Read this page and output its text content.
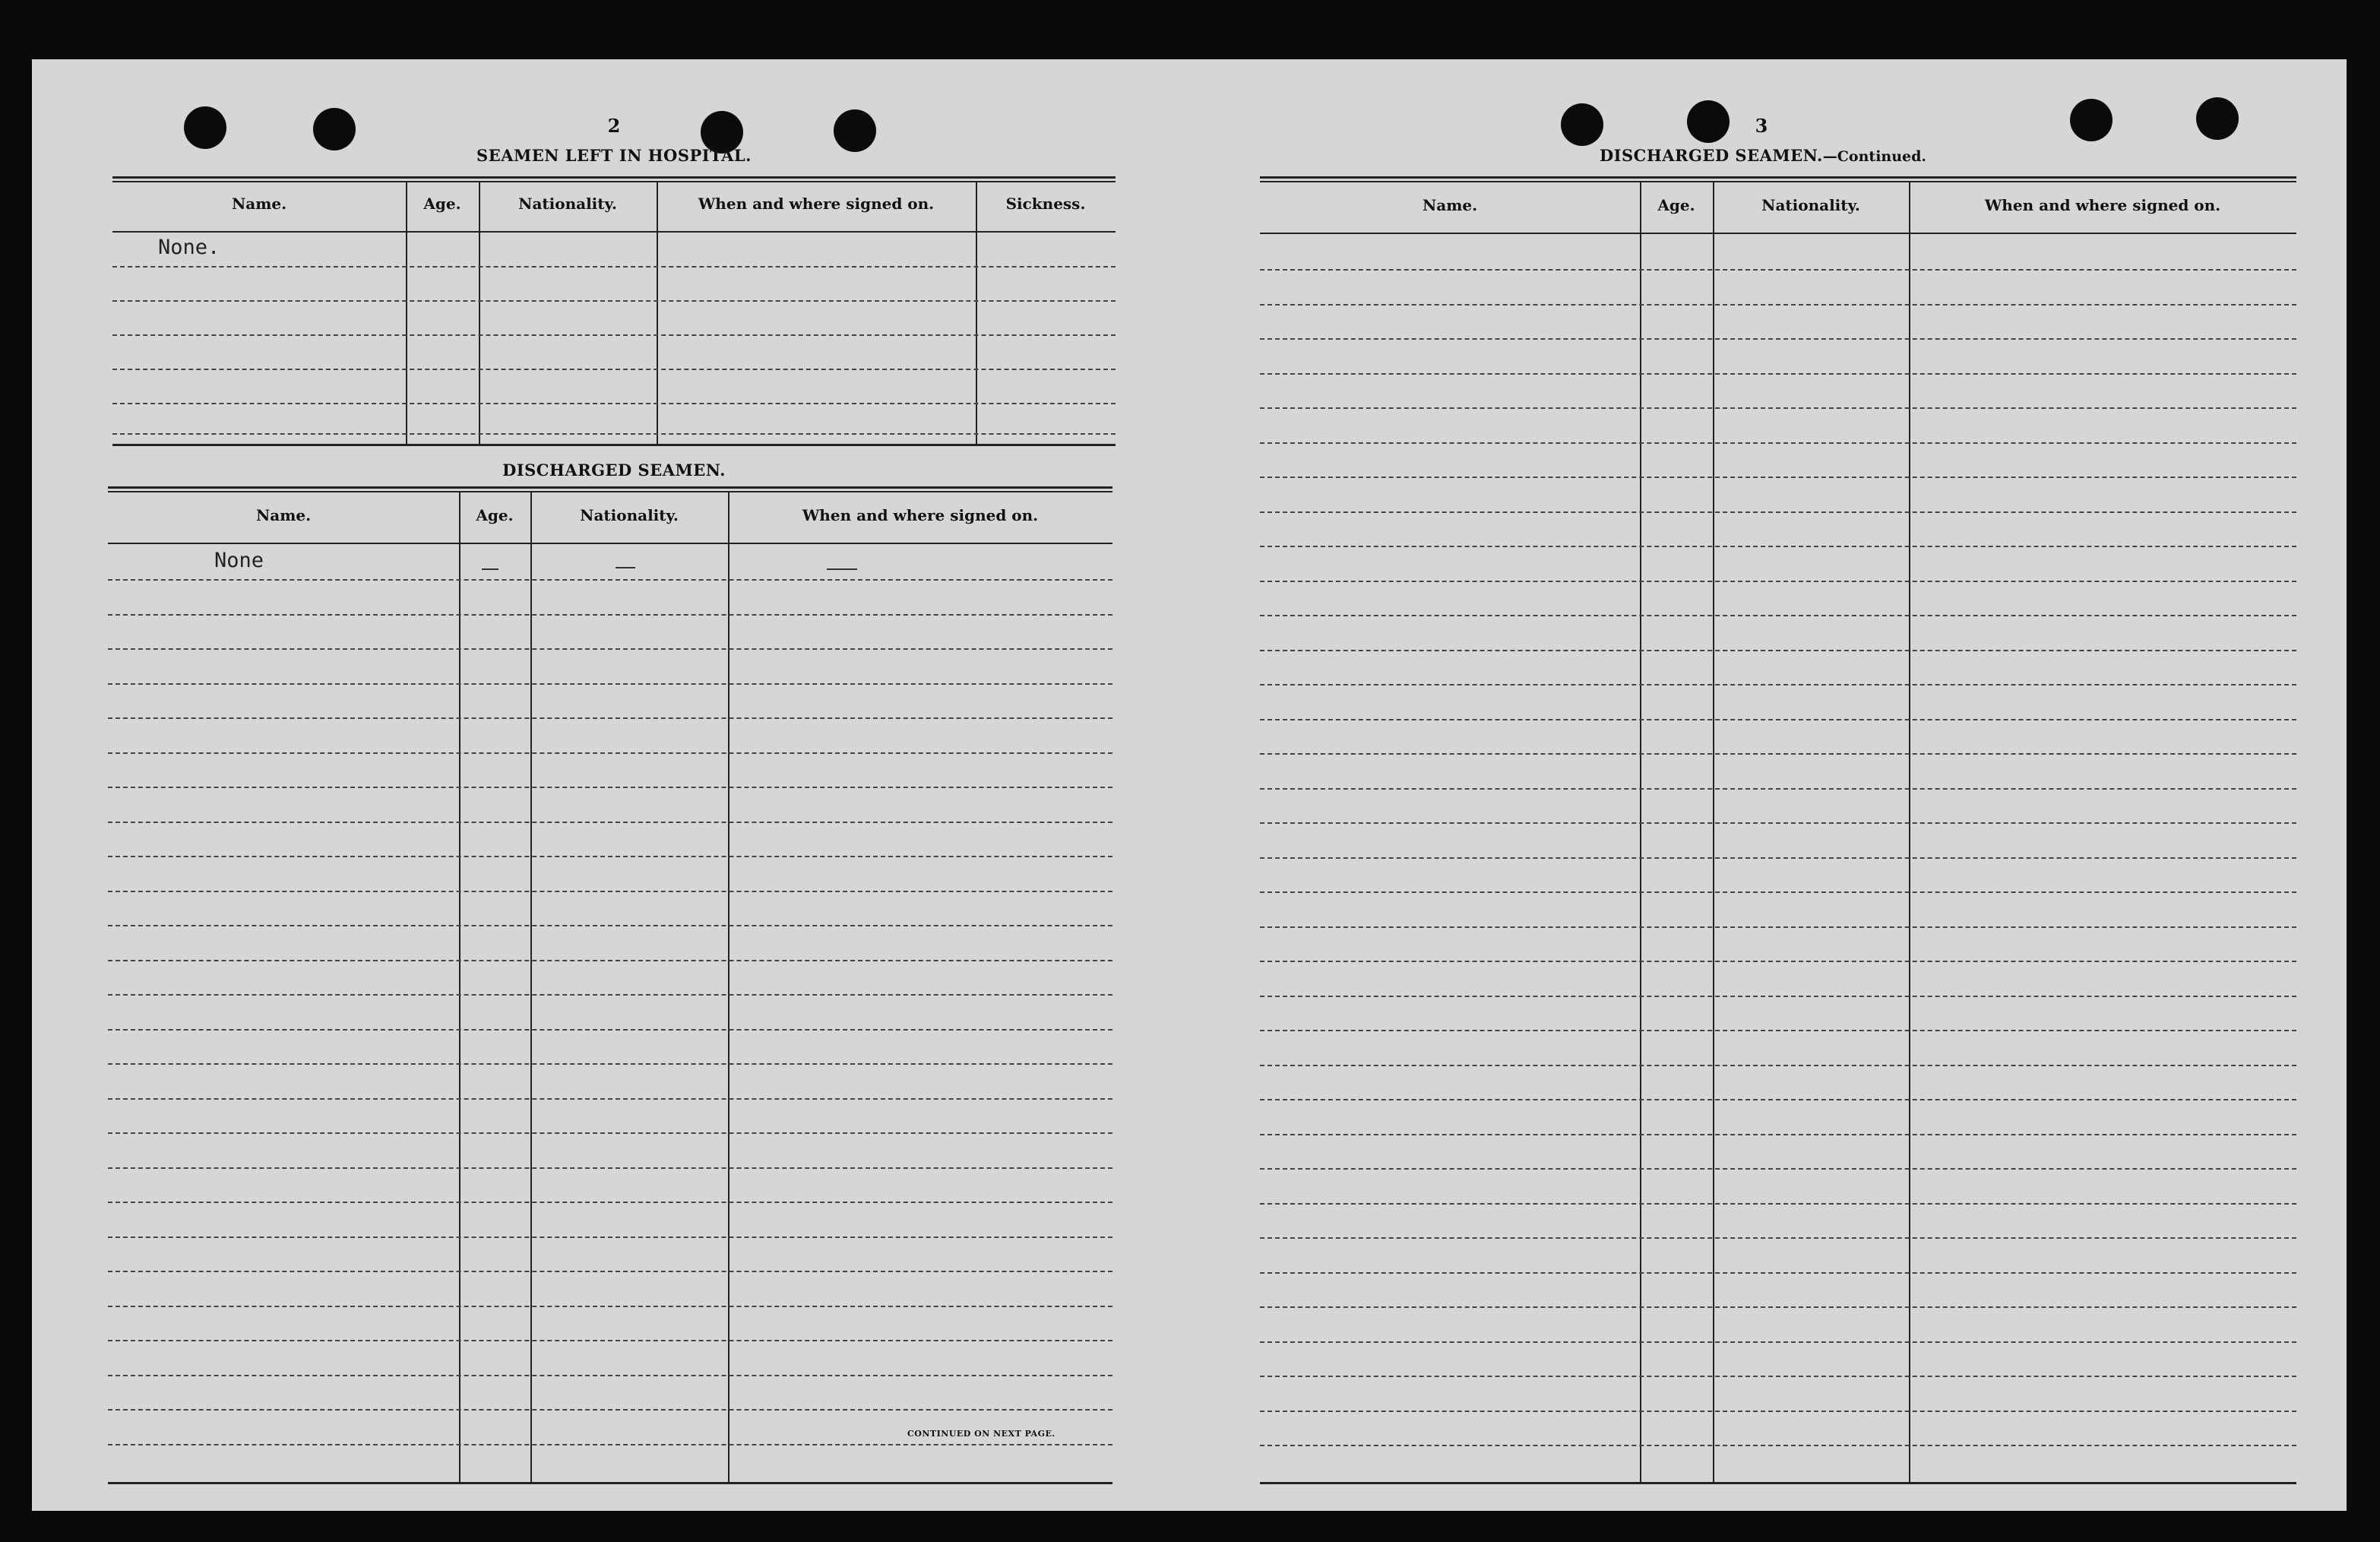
2
SEAMEN LEFT IN HOSPITAL.
Name.	Age.	Nationality.	When and where signed on.	Sickness.
None.
DISCHARGED SEAMEN.
Name.	Age.	Nationality.	When and where signed on.
None
CONTINUED ON NEXT PAGE.
3
DISCHARGED SEAMEN.—Continued.
Name.	Age.	Nationality.	When and where signed on.
